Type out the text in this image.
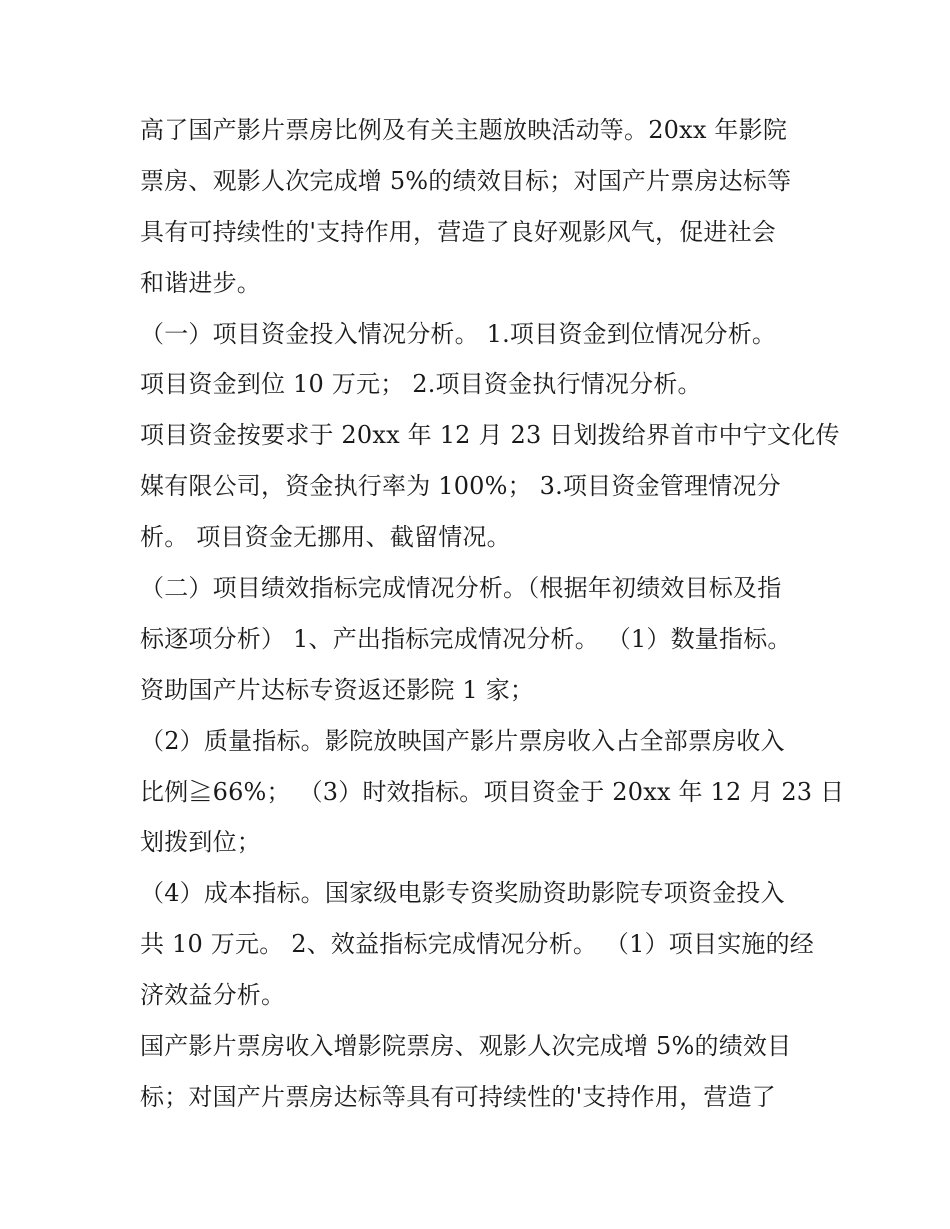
高了国产影片票房比例及有关主题放映活动等。20xx 年影院
票房、观影人次完成增 5%的绩效目标；对国产片票房达标等
具有可持续性的'支持作用，营造了良好观影风气，促进社会
和谐进步。
（一）项目资金投入情况分析。 1.项目资金到位情况分析。
项目资金到位 10 万元； 2.项目资金执行情况分析。
项目资金按要求于 20xx 年 12 月 23 日划拨给界首市中宁文化传
媒有限公司，资金执行率为 100%； 3.项目资金管理情况分
析。 项目资金无挪用、截留情况。
（二）项目绩效指标完成情况分析。（根据年初绩效目标及指
标逐项分析） 1、产出指标完成情况分析。 （1）数量指标。
资助国产片达标专资返还影院 1 家；
（2）质量指标。影院放映国产影片票房收入占全部票房收入
比例≧66%； （3）时效指标。项目资金于 20xx 年 12 月 23 日
划拨到位；
（4）成本指标。国家级电影专资奖励资助影院专项资金投入
共 10 万元。 2、效益指标完成情况分析。 （1）项目实施的经
济效益分析。
国产影片票房收入增影院票房、观影人次完成增 5%的绩效目
标；对国产片票房达标等具有可持续性的'支持作用，营造了
